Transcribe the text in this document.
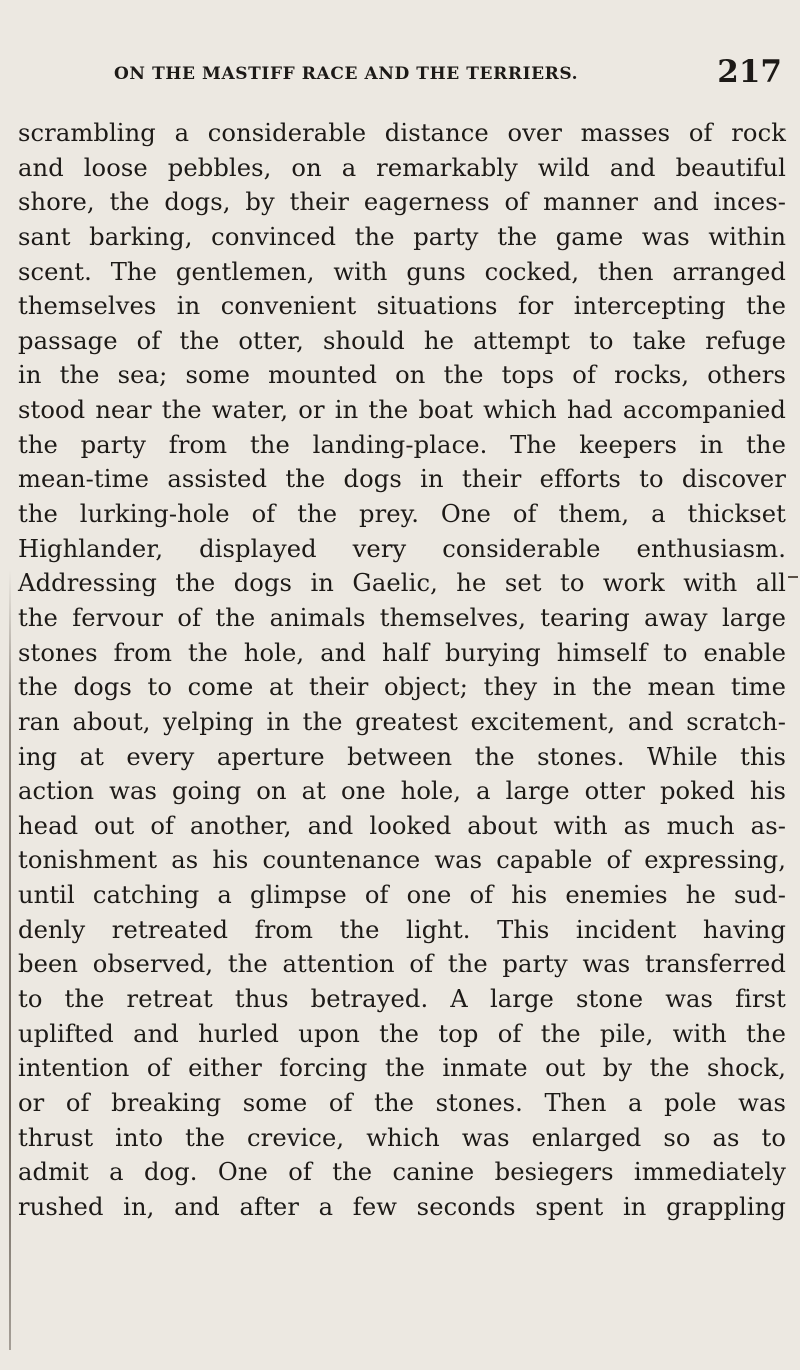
ON THE MASTIFF RACE AND THE TERRIERS.	217
scrambling a considerable distance over masses of rock
and loose pebbles, on a remarkably wild and beautiful
shore, the dogs, by their eagerness of manner and inces-
sant barking, convinced the party the game was within
scent. The gentlemen, with guns cocked, then arranged
themselves in convenient situations for intercepting the
passage of the otter, should he attempt to take refuge
in the sea; some mounted on the tops of rocks, others
stood near the water, or in the boat which had accompanied
the party from the landing-place. The keepers in the
mean-time assisted the dogs in their efforts to discover
the lurking-hole of the prey. One of them, a thickset
Highlander, displayed very considerable enthusiasm.
Addressing the dogs in Gaelic, he set to work with all
the fervour of the animals themselves, tearing away large
stones from the hole, and half burying himself to enable
the dogs to come at their object; they in the mean time
ran about, yelping in the greatest excitement, and scratch-
ing at every aperture between the stones. While this
action was going on at one hole, a large otter poked his
head out of another, and looked about with as much as-
tonishment as his countenance was capable of expressing,
until catching a glimpse of one of his enemies he sud-
denly retreated from the light. This incident having
been observed, the attention of the party was transferred
to the retreat thus betrayed. A large stone was first
uplifted and hurled upon the top of the pile, with the
intention of either forcing the inmate out by the shock,
or of breaking some of the stones. Then a pole was
thrust into the crevice, which was enlarged so as to
admit a dog. One of the canine besiegers immediately
rushed in, and after a few seconds spent in grappling
